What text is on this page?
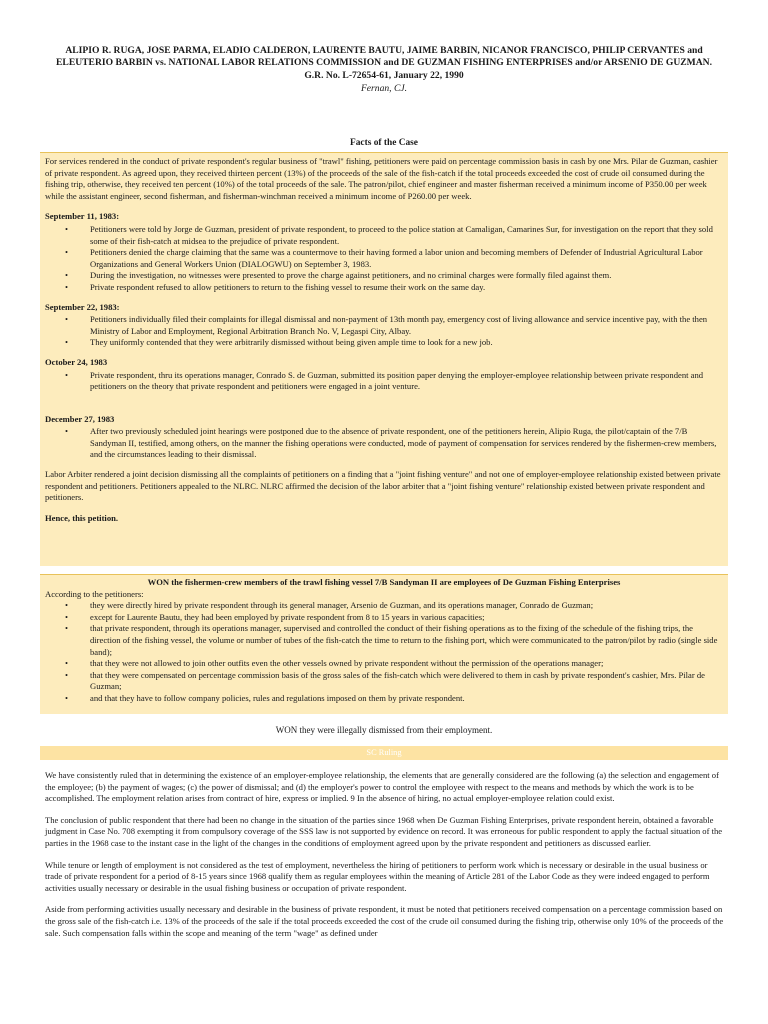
ALIPIO R. RUGA, JOSE PARMA, ELADIO CALDERON, LAURENTE BAUTU, JAIME BARBIN, NICANOR FRANCISCO, PHILIP CERVANTES and ELEUTERIO BARBIN vs. NATIONAL LABOR RELATIONS COMMISSION and DE GUZMAN FISHING ENTERPRISES and/or ARSENIO DE GUZMAN.
G.R. No. L-72654-61, January 22, 1990
Fernan, CJ.
Facts of the Case

For services rendered in the conduct of private respondent's regular business of "trawl" fishing, petitioners were paid on percentage commission basis in cash by one Mrs. Pilar de Guzman, cashier of private respondent. As agreed upon, they received thirteen percent (13%) of the proceeds of the sale of the fish-catch if the total proceeds exceeded the cost of crude oil consumed during the fishing trip, otherwise, they received ten percent (10%) of the total proceeds of the sale. The patron/pilot, chief engineer and master fisherman received a minimum income of P350.00 per week while the assistant engineer, second fisherman, and fisherman-winchman received a minimum income of P260.00 per week.

September 11, 1983:
• Petitioners were told by Jorge de Guzman, president of private respondent, to proceed to the police station at Camaligan, Camarines Sur, for investigation on the report that they sold some of their fish-catch at midsea to the prejudice of private respondent.
• Petitioners denied the charge claiming that the same was a countermove to their having formed a labor union and becoming members of Defender of Industrial Agricultural Labor Organizations and General Workers Union (DIALOGWU) on September 3, 1983.
• During the investigation, no witnesses were presented to prove the charge against petitioners, and no criminal charges were formally filed against them.
• Private respondent refused to allow petitioners to return to the fishing vessel to resume their work on the same day.
September 22, 1983:
• Petitioners individually filed their complaints for illegal dismissal and non-payment of 13th month pay, emergency cost of living allowance and service incentive pay, with the then Ministry of Labor and Employment, Regional Arbitration Branch No. V, Legaspi City, Albay.
• They uniformly contended that they were arbitrarily dismissed without being given ample time to look for a new job.
October 24, 1983
• Private respondent, thru its operations manager, Conrado S. de Guzman, submitted its position paper denying the employer-employee relationship between private respondent and petitioners on the theory that private respondent and petitioners were engaged in a joint venture.
December 27, 1983
• After two previously scheduled joint hearings were postponed due to the absence of private respondent, one of the petitioners herein, Alipio Ruga, the pilot/captain of the 7/B Sandyman II, testified, among others, on the manner the fishing operations were conducted, mode of payment of compensation for services rendered by the fishermen-crew members, and the circumstances leading to their dismissal.

Labor Arbiter rendered a joint decision dismissing all the complaints of petitioners on a finding that a "joint fishing venture" and not one of employer-employee relationship existed between private respondent and petitioners. Petitioners appealed to the NLRC. NLRC affirmed the decision of the labor arbiter that a "joint fishing venture" relationship existed between private respondent and petitioners.

Hence, this petition.

WON the fishermen-crew members of the trawl fishing vessel 7/B Sandyman II are employees of De Guzman Fishing Enterprises
According to the petitioners:
• they were directly hired by private respondent through its general manager, Arsenio de Guzman, and its operations manager, Conrado de Guzman;
• except for Laurente Bautu, they had been employed by private respondent from 8 to 15 years in various capacities;
• that private respondent, through its operations manager, supervised and controlled the conduct of their fishing operations as to the fixing of the schedule of the fishing trips, the direction of the fishing vessel, the volume or number of tubes of the fish-catch the time to return to the fishing port, which were communicated to the patron/pilot by radio (single side band);
• that they were not allowed to join other outfits even the other vessels owned by private respondent without the permission of the operations manager;
• that they were compensated on percentage commission basis of the gross sales of the fish-catch which were delivered to them in cash by private respondent's cashier, Mrs. Pilar de Guzman;
• and that they have to follow company policies, rules and regulations imposed on them by private respondent.
WON they were illegally dismissed from their employment.
SC Ruling

We have consistently ruled that in determining the existence of an employer-employee relationship, the elements that are generally considered are the following (a) the selection and engagement of the employee; (b) the payment of wages; (c) the power of dismissal; and (d) the employer's power to control the employee with respect to the means and methods by which the work is to be accomplished. The employment relation arises from contract of hire, express or implied. 9 In the absence of hiring, no actual employer-employee relation could exist.

The conclusion of public respondent that there had been no change in the situation of the parties since 1968 when De Guzman Fishing Enterprises, private respondent herein, obtained a favorable judgment in Case No. 708 exempting it from compulsory coverage of the SSS law is not supported by evidence on record. It was erroneous for public respondent to apply the factual situation of the parties in the 1968 case to the instant case in the light of the changes in the conditions of employment agreed upon by the private respondent and petitioners as discussed earlier.

While tenure or length of employment is not considered as the test of employment, nevertheless the hiring of petitioners to perform work which is necessary or desirable in the usual business or trade of private respondent for a period of 8-15 years since 1968 qualify them as regular employees within the meaning of Article 281 of the Labor Code as they were indeed engaged to perform activities usually necessary or desirable in the usual fishing business or occupation of private respondent.

Aside from performing activities usually necessary and desirable in the business of private respondent, it must be noted that petitioners received compensation on a percentage commission based on the gross sale of the fish-catch i.e. 13% of the proceeds of the sale if the total proceeds exceeded the cost of the crude oil consumed during the fishing trip, otherwise only 10% of the proceeds of the sale. Such compensation falls within the scope and meaning of the term "wage" as defined under
